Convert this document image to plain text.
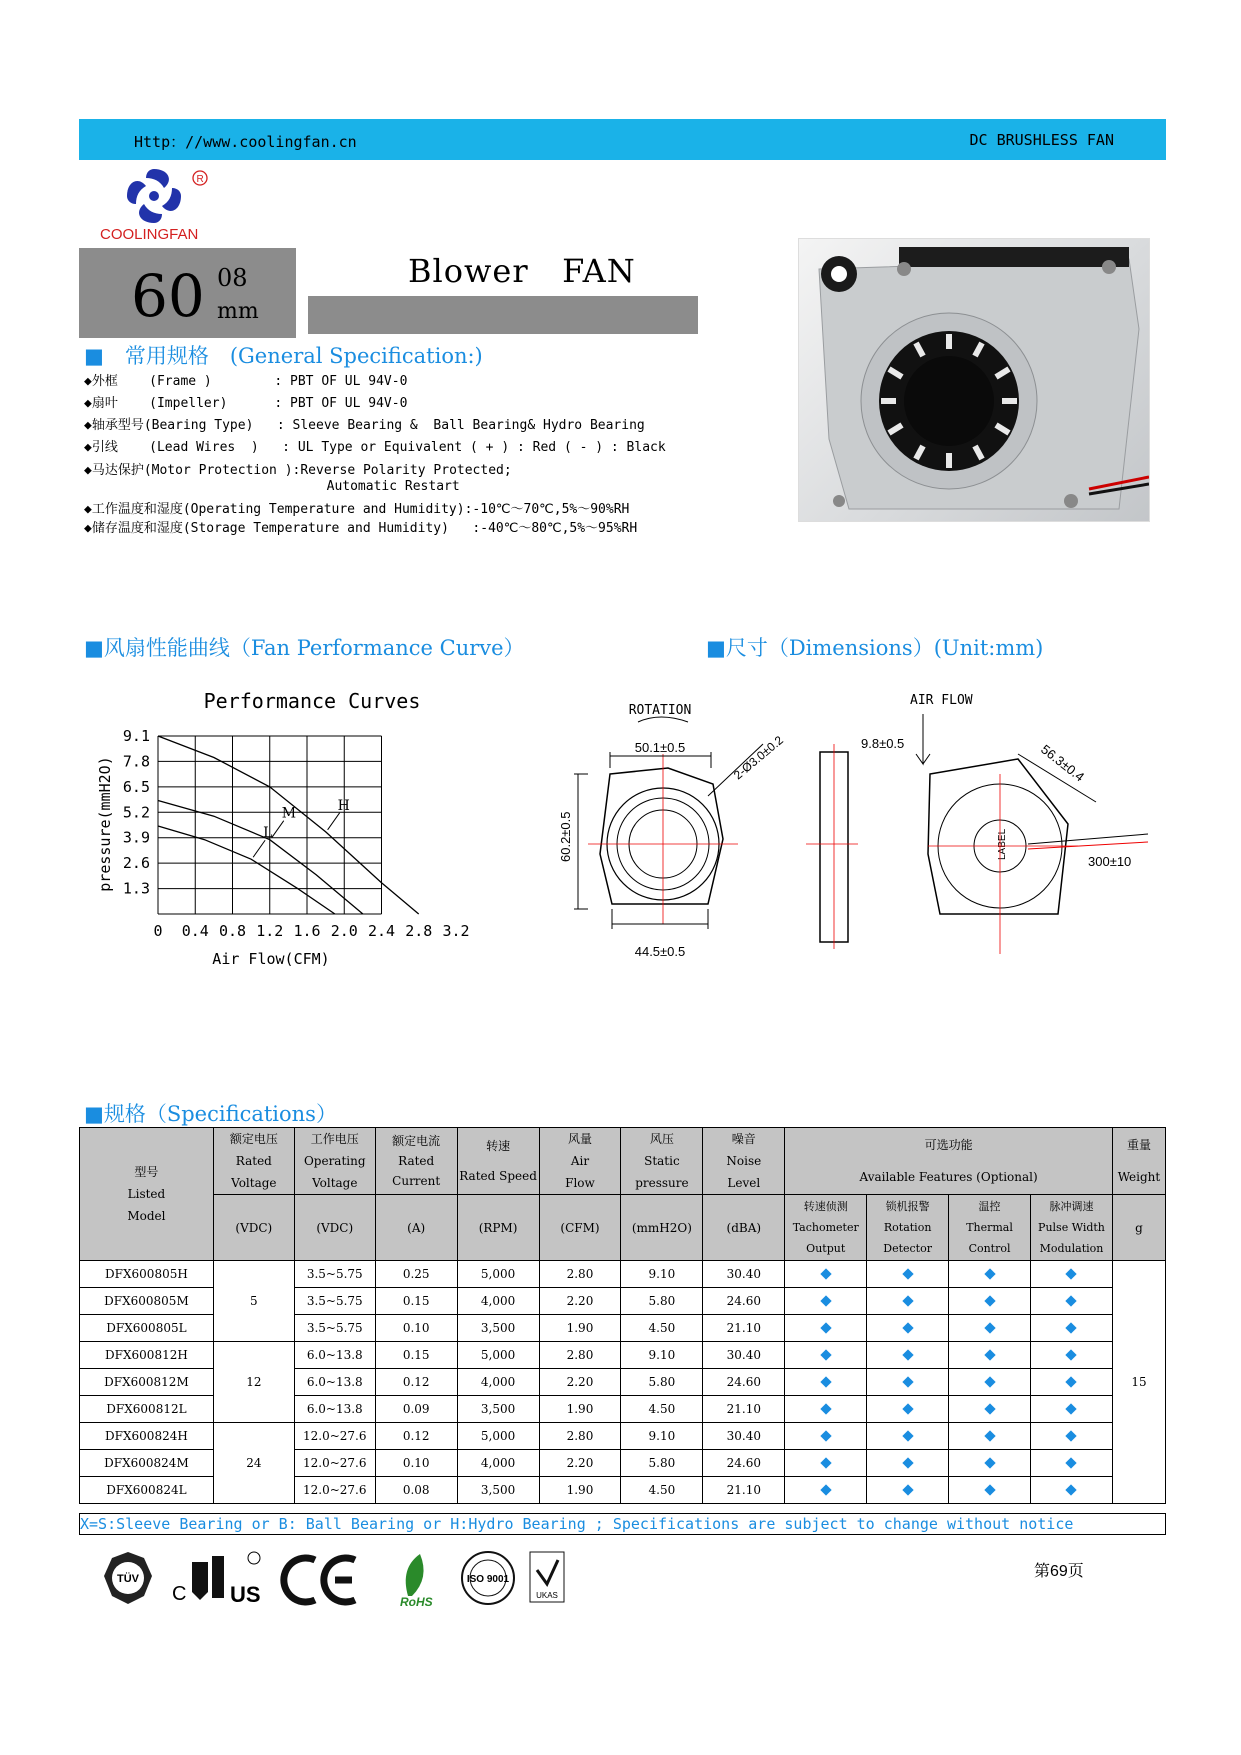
Http：//www.coolingfan.cn	DC BRUSHLESS FAN
R
COOLINGFAN
60 08
mm
Blower   FAN
■　常用规格　(General Specification:)
◆外框    (Frame )        : PBT OF UL 94V-0
◆扇叶    (Impeller)      : PBT OF UL 94V-0
◆轴承型号(Bearing Type)   : Sleeve Bearing &  Ball Bearing& Hydro Bearing
◆引线    (Lead Wires  )   : UL Type or Equivalent ( + ) : Red ( - ) : Black
◆马达保护(Motor Protection ):Reverse Polarity Protected;
Automatic Restart
◆工作温度和湿度(Operating Temperature and Humidity):-10℃～70℃,5%～90%RH
◆储存温度和湿度(Storage Temperature and Humidity)   :-40℃～80℃,5%～95%RH
■风扇性能曲线（Fan Performance Curve）	■尺寸（Dimensions）(Unit:mm)
Performance Curves
Air Flow(CFM)
pressure(mmH2O)
0 0.4 0.8 1.2 1.6 2.0 2.4 2.8 3.2
9.1
7.8
6.5
5.2
3.9
2.6
1.3
H
M
L
ROTATION
50.1±0.5	2-Ø3.0±0.2
60.2±0.5
44.5±0.5
9.8±0.5
AIR FLOW
LABEL
56.3±0.4
300±10
■规格（Specifications）
型号
Listed
Model	额定电压
Rated
Voltage	工作电压
Operating
Voltage	额定电流
Rated
Current	转速
Rated Speed	风量
Air
Flow	风压
Static
pressure	噪音
Noise
Level	可选功能
Available Features (Optional)				重量
Weight
	(VDC)	(VDC)	(A)	(RPM)	(CFM)	(mmH2O)	(dBA)	转速侦测
Tachometer
Output	锁机报警
Rotation
Detector	温控
Thermal
Control	脉冲调速
Pulse Width
Modulation	g
DFX600805H	5	3.5~5.75	0.25	5,000	2.80	9.10	30.40					15
DFX600805M		3.5~5.75	0.15	4,000	2.20	5.80	24.60					
DFX600805L		3.5~5.75	0.10	3,500	1.90	4.50	21.10					
DFX600812H	12	6.0~13.8	0.15	5,000	2.80	9.10	30.40					
DFX600812M		6.0~13.8	0.12	4,000	2.20	5.80	24.60					
DFX600812L		6.0~13.8	0.09	3,500	1.90	4.50	21.10					
DFX600824H	24	12.0~27.6	0.12	5,000	2.80	9.10	30.40					
DFX600824M		12.0~27.6	0.10	4,000	2.20	5.80	24.60					
DFX600824L		12.0~27.6	0.08	3,500	1.90	4.50	21.10					
X=S:Sleeve Bearing or B: Ball Bearing or H:Hydro Bearing ; Specifications are subject to change without notice
TÜV
C US	RoHS
ISO 9001
UKAS
第69页
